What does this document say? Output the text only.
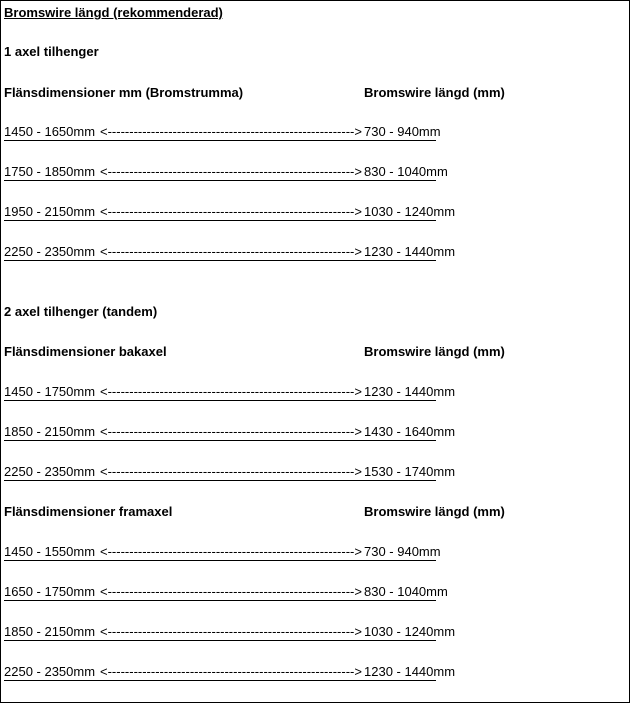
Bromswire längd (rekommenderad)
1 axel tilhenger
Flänsdimensioner mm (Bromstrumma)	Bromswire längd (mm)
1450 - 1650mm <---------------------------------------------------------> 730 - 940mm
1750 - 1850mm <---------------------------------------------------------> 830 - 1040mm
1950 - 2150mm <---------------------------------------------------------> 1030 - 1240mm
2250 - 2350mm <---------------------------------------------------------> 1230 - 1440mm
2 axel tilhenger (tandem)
Flänsdimensioner bakaxel	Bromswire längd (mm)
1450 - 1750mm <---------------------------------------------------------> 1230 - 1440mm
1850 - 2150mm <---------------------------------------------------------> 1430 - 1640mm
2250 - 2350mm <---------------------------------------------------------> 1530 - 1740mm
Flänsdimensioner framaxel	Bromswire längd (mm)
1450 - 1550mm <---------------------------------------------------------> 730 - 940mm
1650 - 1750mm <---------------------------------------------------------> 830 - 1040mm
1850 - 2150mm <---------------------------------------------------------> 1030 - 1240mm
2250 - 2350mm <---------------------------------------------------------> 1230 - 1440mm
